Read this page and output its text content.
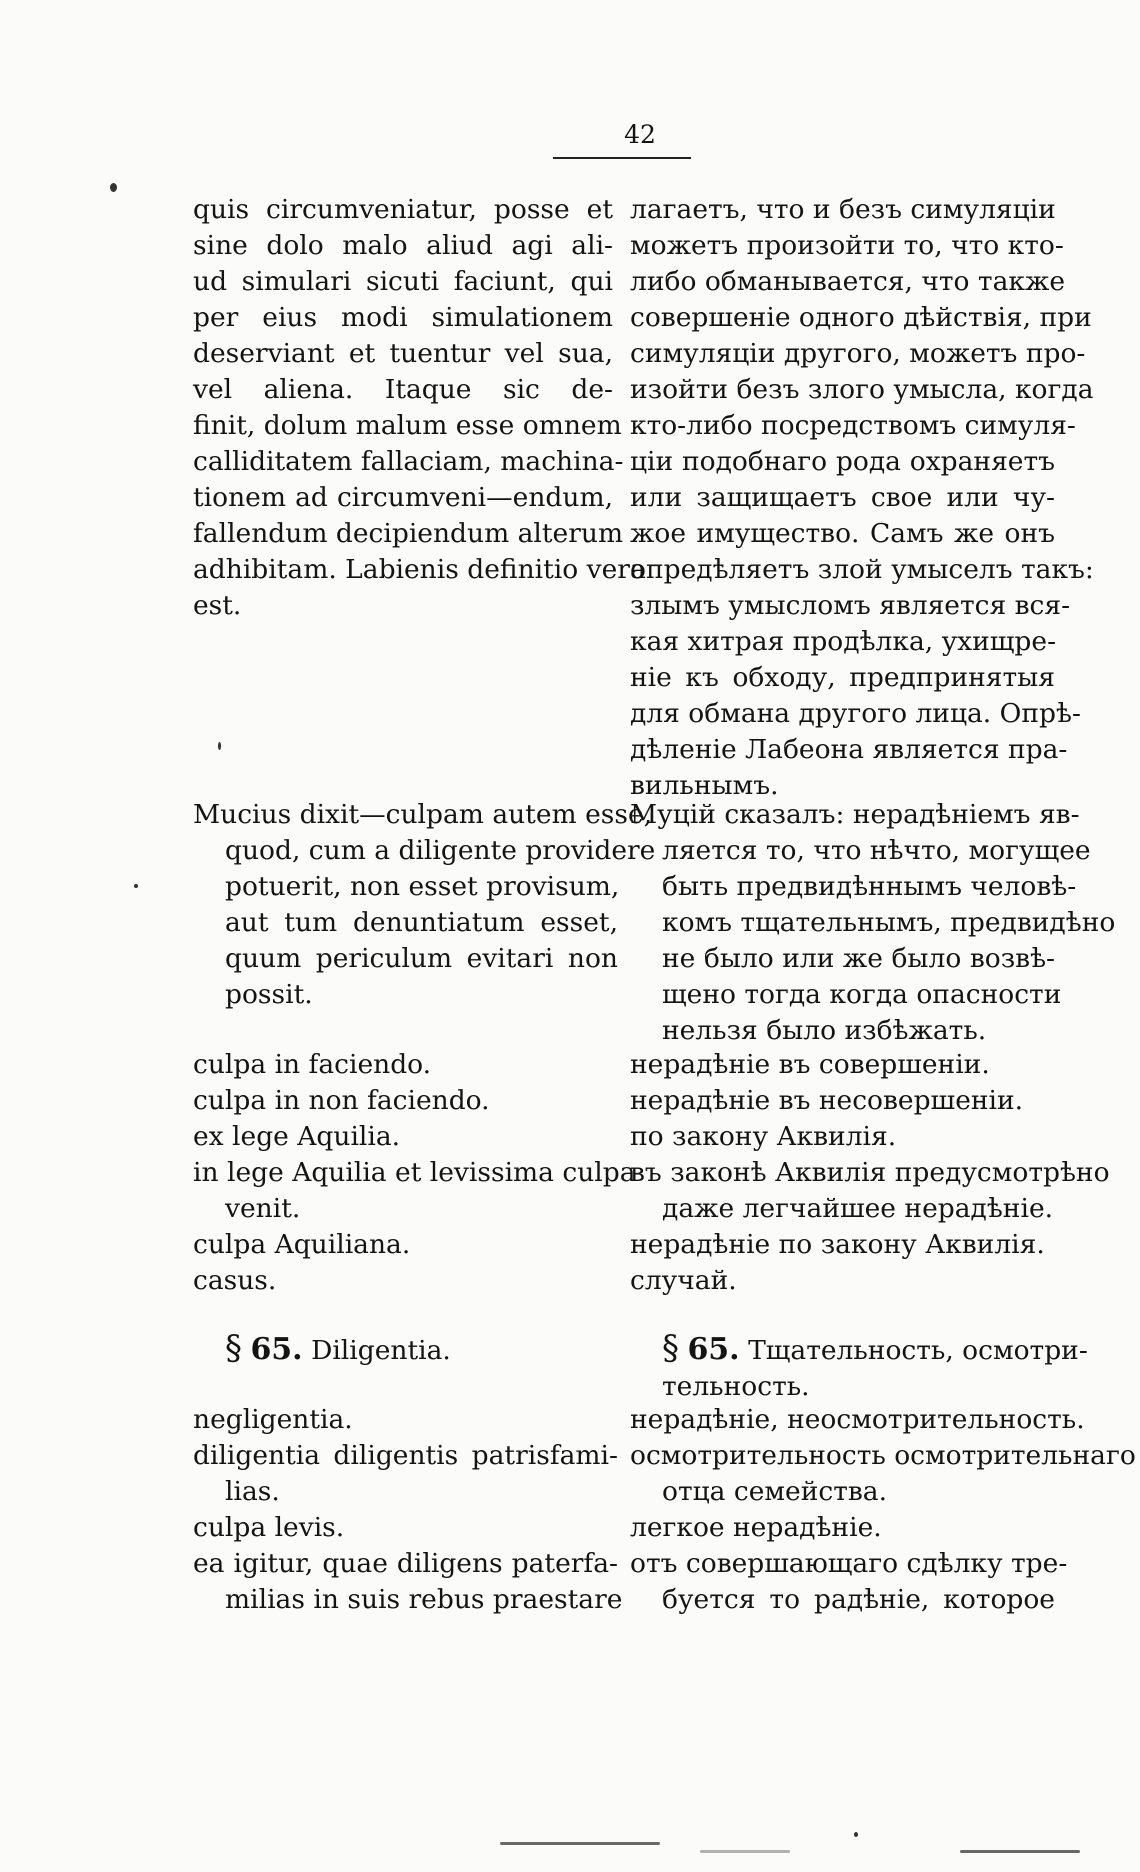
42
quis circumveniatur, posse et
sine dolo malo aliud agi ali-
ud simulari sicuti faciunt, qui
per eius modi simulationem
deserviant et tuentur vel sua,
vel aliena. Itaque sic de-
finit, dolum malum esse omnem
calliditatem fallaciam, machina-
tionem ad circumveni—endum,
fallendum decipiendum alterum
adhibitam. Labienis definitio vera
est.
Mucius dixit—culpam autem esse,
quod, cum a diligente providere
potuerit, non esset provisum,
aut tum denuntiatum esset,
quum periculum evitari non
possit.
culpa in faciendo.
culpa in non faciendo.
ex lege Aquilia.
in lege Aquilia et levissima culpa
venit.
culpa Aquiliana.
casus.
§ 65. Diligentia.
negligentia.
diligentia diligentis patrisfami-
lias.
culpa levis.
ea igitur, quae diligens paterfa-
milias in suis rebus praestare
лагаетъ, что и безъ симуляціи
можетъ произойти то, что кто-
либо обманывается, что также
совершеніе одного дѣйствія, при
симуляціи другого, можетъ про-
изойти безъ злого умысла, когда
кто-либо посредствомъ симуля-
ціи подобнаго рода охраняетъ
или защищаетъ свое или чу-
жое имущество. Самъ же онъ
опредѣляетъ злой умыселъ такъ:
злымъ умысломъ является вся-
кая хитрая продѣлка, ухищре-
ніе къ обходу, предпринятыя
для обмана другого лица. Опрѣ-
дѣленіе Лабеона является пра-
вильнымъ.
Муцій сказалъ: нерадѣніемъ яв-
ляется то, что нѣчто, могущее
быть предвидѣннымъ человѣ-
комъ тщательнымъ, предвидѣно
не было или же было возвѣ-
щено тогда когда опасности
нельзя было избѣжать.
нерадѣніе въ совершеніи.
нерадѣніе въ несовершеніи.
по закону Аквилія.
въ законѣ Аквилія предусмотрѣно
даже легчайшее нерадѣніе.
нерадѣніе по закону Аквилія.
случай.
§ 65. Тщательность, осмотри-
тельность.
нерадѣніе, неосмотрительность.
осмотрительность осмотрительнаго
отца семейства.
легкое нерадѣніе.
отъ совершающаго сдѣлку тре-
буется то радѣніе, которое
